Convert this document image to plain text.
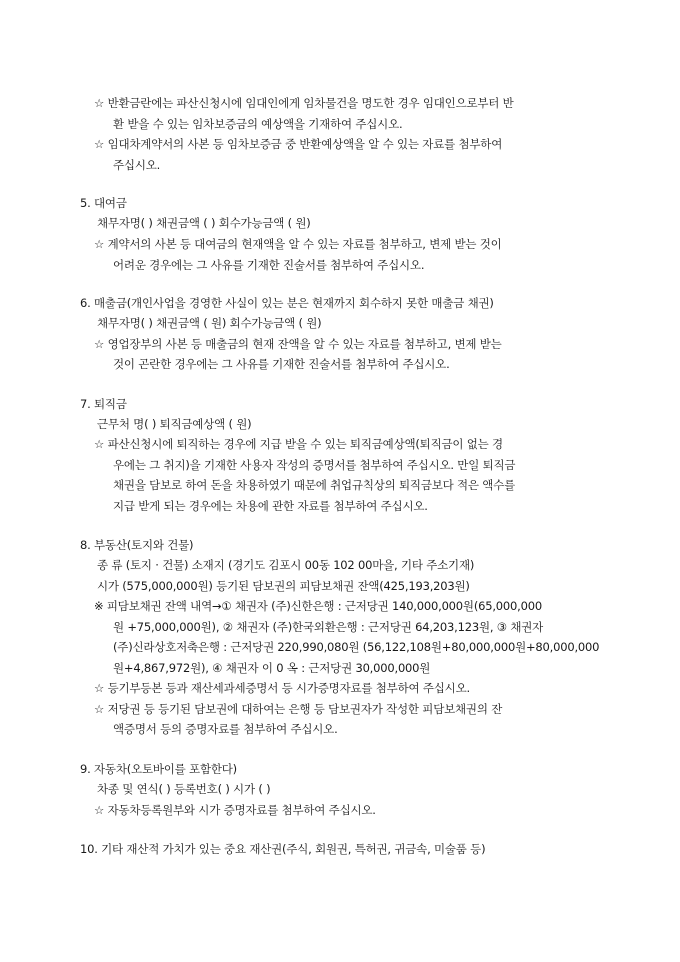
☆ 반환금란에는 파산신청시에 임대인에게 임차물건을 명도한 경우 임대인으로부터 반
환 받을 수 있는 임차보증금의 예상액을 기재하여 주십시오.
☆ 임대차계약서의 사본 등 임차보증금 중 반환예상액을 알 수 있는 자료를 첨부하여
주십시오.
5. 대여금
채무자명( ) 채권금액 ( ) 회수가능금액 ( 원)
☆ 계약서의 사본 등 대여금의 현재액을 알 수 있는 자료를 첨부하고, 변제 받는 것이
어려운 경우에는 그 사유를 기재한 진술서를 첨부하여 주십시오.
6. 매출금(개인사업을 경영한 사실이 있는 분은 현재까지 회수하지 못한 매출금 채권)
채무자명( ) 채권금액 ( 원) 회수가능금액 ( 원)
☆ 영업장부의 사본 등 매출금의 현재 잔액을 알 수 있는 자료를 첨부하고, 변제 받는
것이 곤란한 경우에는 그 사유를 기재한 진술서를 첨부하여 주십시오.
7. 퇴직금
근무처 명( ) 퇴직금예상액 ( 원)
☆ 파산신청시에 퇴직하는 경우에 지급 받을 수 있는 퇴직금예상액(퇴직금이 없는 경
우에는 그 취지)을 기재한 사용자 작성의 증명서를 첨부하여 주십시오. 만일 퇴직금
채권을 담보로 하여 돈을 차용하였기 때문에 취업규칙상의 퇴직금보다 적은 액수를
지급 받게 되는 경우에는 차용에 관한 자료를 첨부하여 주십시오.
8. 부동산(토지와 건물)
종 류 (토지 · 건물) 소재지 (경기도 김포시 00동 102 00마을, 기타 주소기재)
시가 (575,000,000원) 등기된 담보권의 피담보채권 잔액(425,193,203원)
※ 피담보채권 잔액 내역→① 채권자 (주)신한은행 : 근저당권 140,000,000원(65,000,000
원 +75,000,000원), ② 채권자 (주)한국외환은행 : 근저당권 64,203,123원, ③ 채권자
(주)신라상호저축은행 : 근저당권 220,990,080원 (56,122,108원+80,000,000원+80,000,000
원+4,867,972원), ④ 채권자 이 0 옥 : 근저당권 30,000,000원
☆ 등기부등본 등과 재산세과세증명서 등 시가증명자료를 첨부하여 주십시오.
☆ 저당권 등 등기된 담보권에 대하여는 은행 등 담보권자가 작성한 피담보채권의 잔
액증명서 등의 증명자료를 첨부하여 주십시오.
9. 자동차(오토바이를 포함한다)
차종 및 연식( ) 등록번호( ) 시가 ( )
☆ 자동차등록원부와 시가 증명자료를 첨부하여 주십시오.
10. 기타 재산적 가치가 있는 중요 재산권(주식, 회원권, 특허권, 귀금속, 미술품 등)
